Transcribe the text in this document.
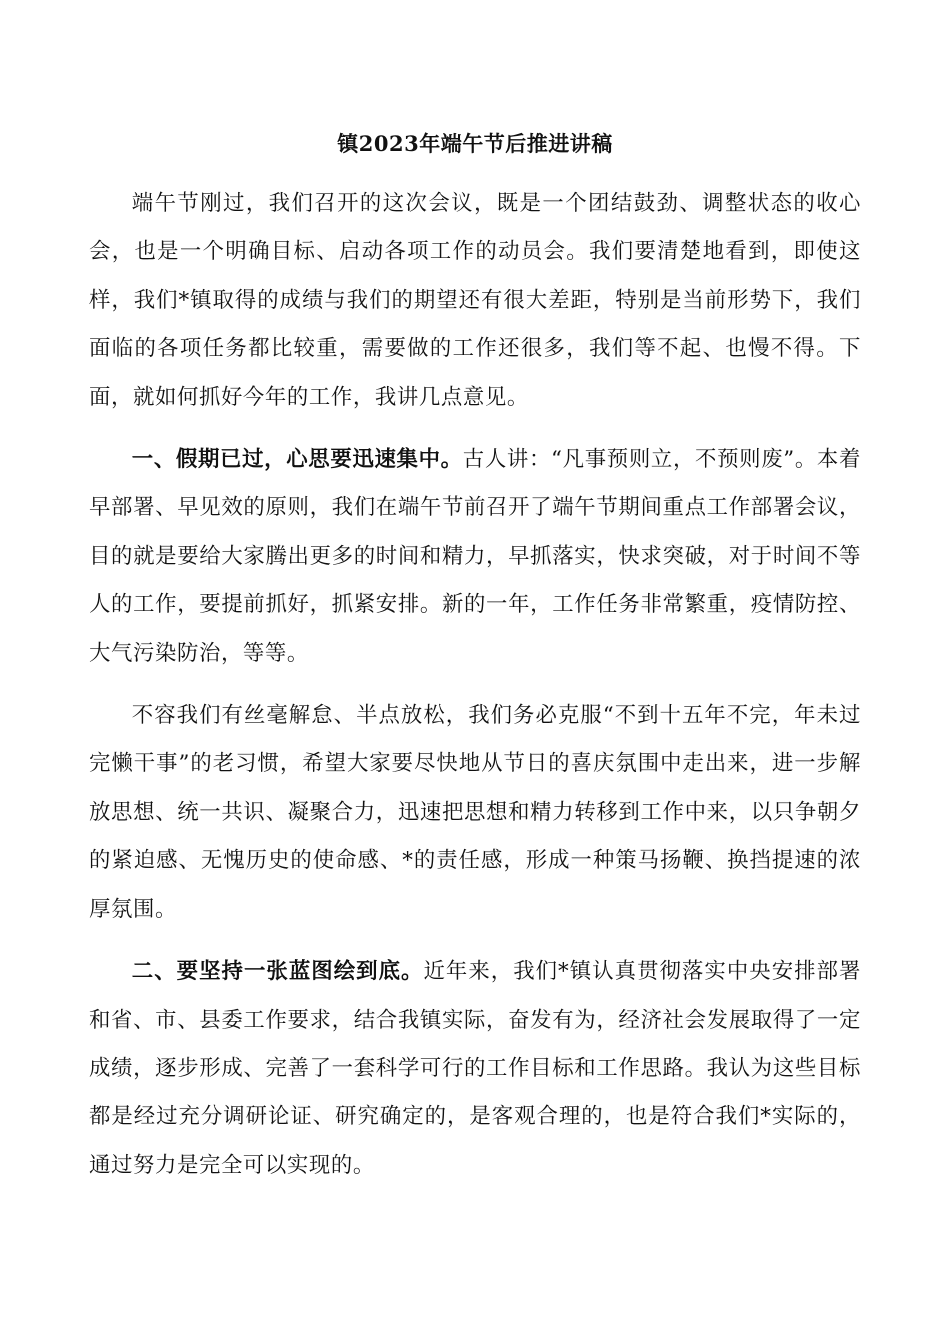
镇2023年端午节后推进讲稿

端午节刚过，我们召开的这次会议，既是一个团结鼓劲、调整状态的收心会，也是一个明确目标、启动各项工作的动员会。我们要清楚地看到，即使这样，我们*镇取得的成绩与我们的期望还有很大差距，特别是当前形势下，我们面临的各项任务都比较重，需要做的工作还很多，我们等不起、也慢不得。下面，就如何抓好今年的工作，我讲几点意见。

一、假期已过，心思要迅速集中。古人讲：“凡事预则立，不预则废”。本着早部署、早见效的原则，我们在端午节前召开了端午节期间重点工作部署会议，目的就是要给大家腾出更多的时间和精力，早抓落实，快求突破，对于时间不等人的工作，要提前抓好，抓紧安排。新的一年，工作任务非常繁重，疫情防控、大气污染防治，等等。

不容我们有丝毫解怠、半点放松，我们务必克服“不到十五年不完，年未过完懒干事”的老习惯，希望大家要尽快地从节日的喜庆氛围中走出来，进一步解放思想、统一共识、凝聚合力，迅速把思想和精力转移到工作中来，以只争朝夕的紧迫感、无愧历史的使命感、*的责任感，形成一种策马扬鞭、换挡提速的浓厚氛围。

二、要坚持一张蓝图绘到底。近年来，我们*镇认真贯彻落实中央安排部署和省、市、县委工作要求，结合我镇实际，奋发有为，经济社会发展取得了一定成绩，逐步形成、完善了一套科学可行的工作目标和工作思路。我认为这些目标都是经过充分调研论证、研究确定的，是客观合理的，也是符合我们*实际的，通过努力是完全可以实现的。
